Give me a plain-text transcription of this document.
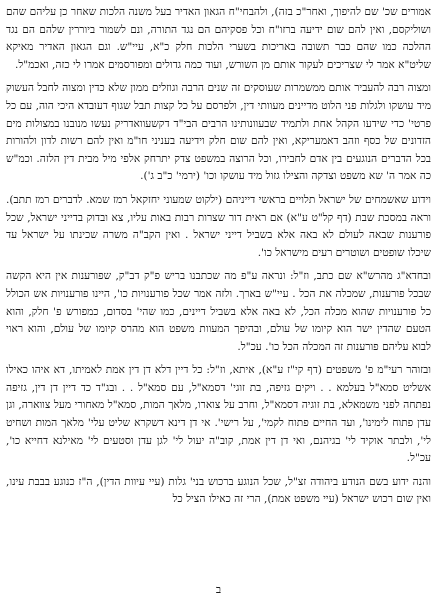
אמורים שכ' שם להיפוך, ואחר"כ בזה), ולהבחי"ח הגאון האדיר בעל משנה הלכות שאחר כן עליהם שהם ושוליקסם, ואין להם שום ידיעה ברזו"ח וכל פסקיהם הם נגד התורה, ונם לשמור ביוררין שלהם הם נגד ההלכה כמו שהם כבר תשובה באריכות בשערי הלכות חלק כ"א, עיי"ש. וגם הגאון האדיר מאיקא שליט"א אמר לי שצריכים לעקור אותם מן השורש, ועוד כמה גדולים ומפורסמים אמרו לי כזה, ואכמ"ל.

ומצוה רבה להעביר אותם ממשמרות שעוסקים זה שנים הרבה וגוזלים ממון שלא כדין ומצוה לחבל העשוק מיד עושקו ולגלות פני הלוט מדיינים מעוותי דין, ולפרסם על כל קצות תבל שגוף דעובדא היכי הוה, עם כל פרטי' כדי שידעו הקהל אחת ולתמיד שבעוונותינו הרבים הבי"ד דקשעוואדריק נעשו מנובנו במצולות מים הזדונים של כסף וזהב דאמעריקא, ואין להם שום חלק וידיעה בעניני חו"מ ואין להם רשות לדון ולהורות בכל הדברים הנוגעים בין אדם לחבירו, וכל הרוצה במשפט צדק יתרחק אלפי מיל מבית דין הלזה. וכמ"ש כה אמר ה' שא משפט וצדקה והצילו גזול מיד עושקו וכו' (ירמי' כ"ב ג').

וידוע שאשמחים של ישראל תלויים בראשי דייניהם (ילקוט שמעוני יחזקאל רמז שמא. לדברים רמז תתב). וראה במסכת שבת (דף קל"ט ע"א) אם ראית דור שצרות רבות באות עליו, צא ובדוק בדייני ישראל, שכל פורענות שבאה לעולם לא באה אלא בשביל דייני ישראל . ואין הקב"ה משרה שכינתו על ישראל עד שיכלו שופטים ושוטרים רעים מישראל כו'.

ובחדא"ג מהרש"א שם כתב, וז"ל: ונראה ע"פ מה שכתבנו בריש פ"ק דב"ק, שפורענות אין היא הקשה שבכל פורענות, שמכלה את הכל . עיי"ש בארך. ולזה אמר שכל פורענויות כו', היינו פורענויות אש הכולל כל פורענויות שהוא מכלה הכל, לא באה אלא בשביל דיינים, כמו שהי' בסדום, כמפורש פ' חלק, והוא הטעם שהדין ישר הוא קיומו של עולם, ובהיפך המעוות משפט הוא מהרס קיומו של עולם, והוא ראוי לבוא עליהם פורענות זה המכלה הכל כו'. עכ"ל.

ובזוהר רעי"מ פ' משפטים (דף קי"ז ע"א), איתא, וז"ל: כל דיין דלא דן דין אמת לאמיתו, דא איהו כאילו אשליט סמא"ל בעלמא . . ויקים גזיפה, בת זוגי' דסמא"ל, עם סמא"ל . . ובג"ד כד דיין דן דין, גזיפה נפתחה לפני משמאלא, בת זוגיה דסמא"ל, וחרב על צוארו, מלאך המות, סמא"ל מאחורי מעל צווארה, וגן עדן פתוח לימינו', ועד החיים פתוח לקמי', על רישי'. אי דן דינא דשקרא שליט עלי' מלאך המות ושחיט לי', ולבתר אוקיד לי' בגיהנם, ואי דן דין אמת, קוב"ה יעול לי' לגן עדן וסטעים לי' מאילנא דחייא כו', עכ"ל.

והנה ידוע בשם הנודע ביהודה זצ"ל, שכל הנוגע ברכוש בני' גלות (עיי עיוות הדין), ה"ז כנוגע בבבת עינו, ואין שום רכוש ישראל (עיי משפט אמת), הרי זה כאילו הציל כל

ב
